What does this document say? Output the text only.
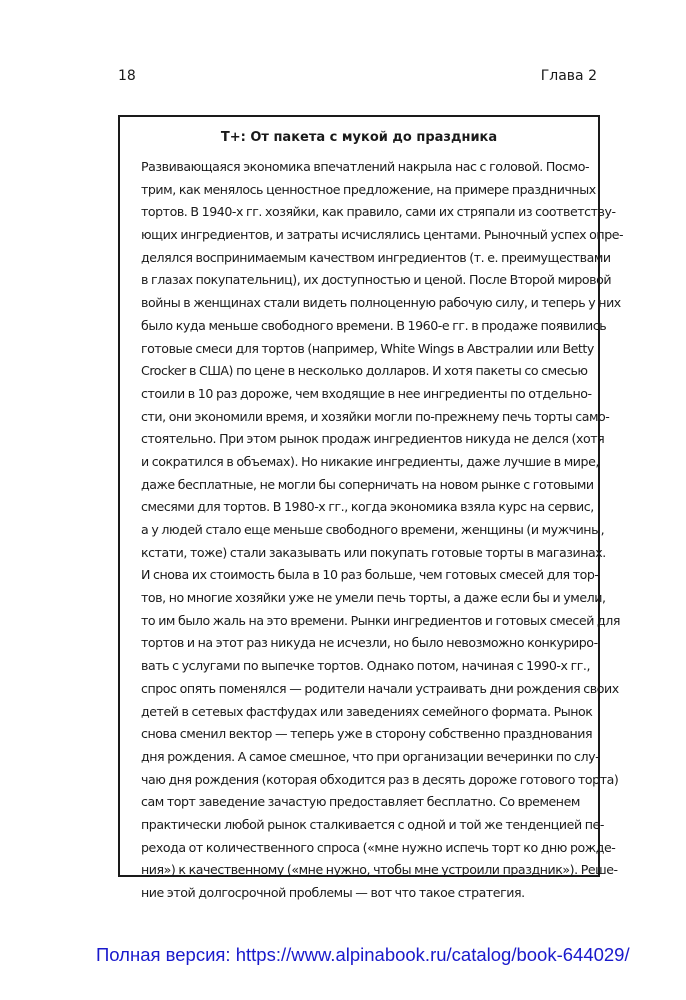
18	Глава 2
T+: От пакета с мукой до праздника
Развивающаяся экономика впечатлений накрыла нас с головой. Посмо-
трим, как менялось ценностное предложение, на примере праздничных
тортов. В 1940-х гг. хозяйки, как правило, сами их стряпали из соответству-
ющих ингредиентов, и затраты исчислялись центами. Рыночный успех опре-
делялся воспринимаемым качеством ингредиентов (т. е. преимуществами
в глазах покупательниц), их доступностью и ценой. После Второй мировой
войны в женщинах стали видеть полноценную рабочую силу, и теперь у них
было куда меньше свободного времени. В 1960-е гг. в продаже появились
готовые смеси для тортов (например, White Wings в Австралии или Betty
Crocker в США) по цене в несколько долларов. И хотя пакеты со смесью
стоили в 10 раз дороже, чем входящие в нее ингредиенты по отдельно-
сти, они экономили время, и хозяйки могли по-прежнему печь торты само-
стоятельно. При этом рынок продаж ингредиентов никуда не делся (хотя
и сократился в объемах). Но никакие ингредиенты, даже лучшие в мире,
даже бесплатные, не могли бы соперничать на новом рынке с готовыми
смесями для тортов. В 1980-х гг., когда экономика взяла курс на сервис,
а у людей стало еще меньше свободного времени, женщины (и мужчины,
кстати, тоже) стали заказывать или покупать готовые торты в магазинах.
И снова их стоимость была в 10 раз больше, чем готовых смесей для тор-
тов, но многие хозяйки уже не умели печь торты, а даже если бы и умели,
то им было жаль на это времени. Рынки ингредиентов и готовых смесей для
тортов и на этот раз никуда не исчезли, но было невозможно конкуриро-
вать с услугами по выпечке тортов. Однако потом, начиная с 1990-х гг.,
спрос опять поменялся — родители начали устраивать дни рождения своих
детей в сетевых фастфудах или заведениях семейного формата. Рынок
снова сменил вектор — теперь уже в сторону собственно празднования
дня рождения. А самое смешное, что при организации вечеринки по слу-
чаю дня рождения (которая обходится раз в десять дороже готового торта)
сам торт заведение зачастую предоставляет бесплатно. Со временем
практически любой рынок сталкивается с одной и той же тенденцией пе-
рехода от количественного спроса («мне нужно испечь торт ко дню рожде-
ния») к качественному («мне нужно, чтобы мне устроили праздник»). Реше-
ние этой долгосрочной проблемы — вот что такое стратегия.
Полная версия: https://www.alpinabook.ru/catalog/book-644029/
